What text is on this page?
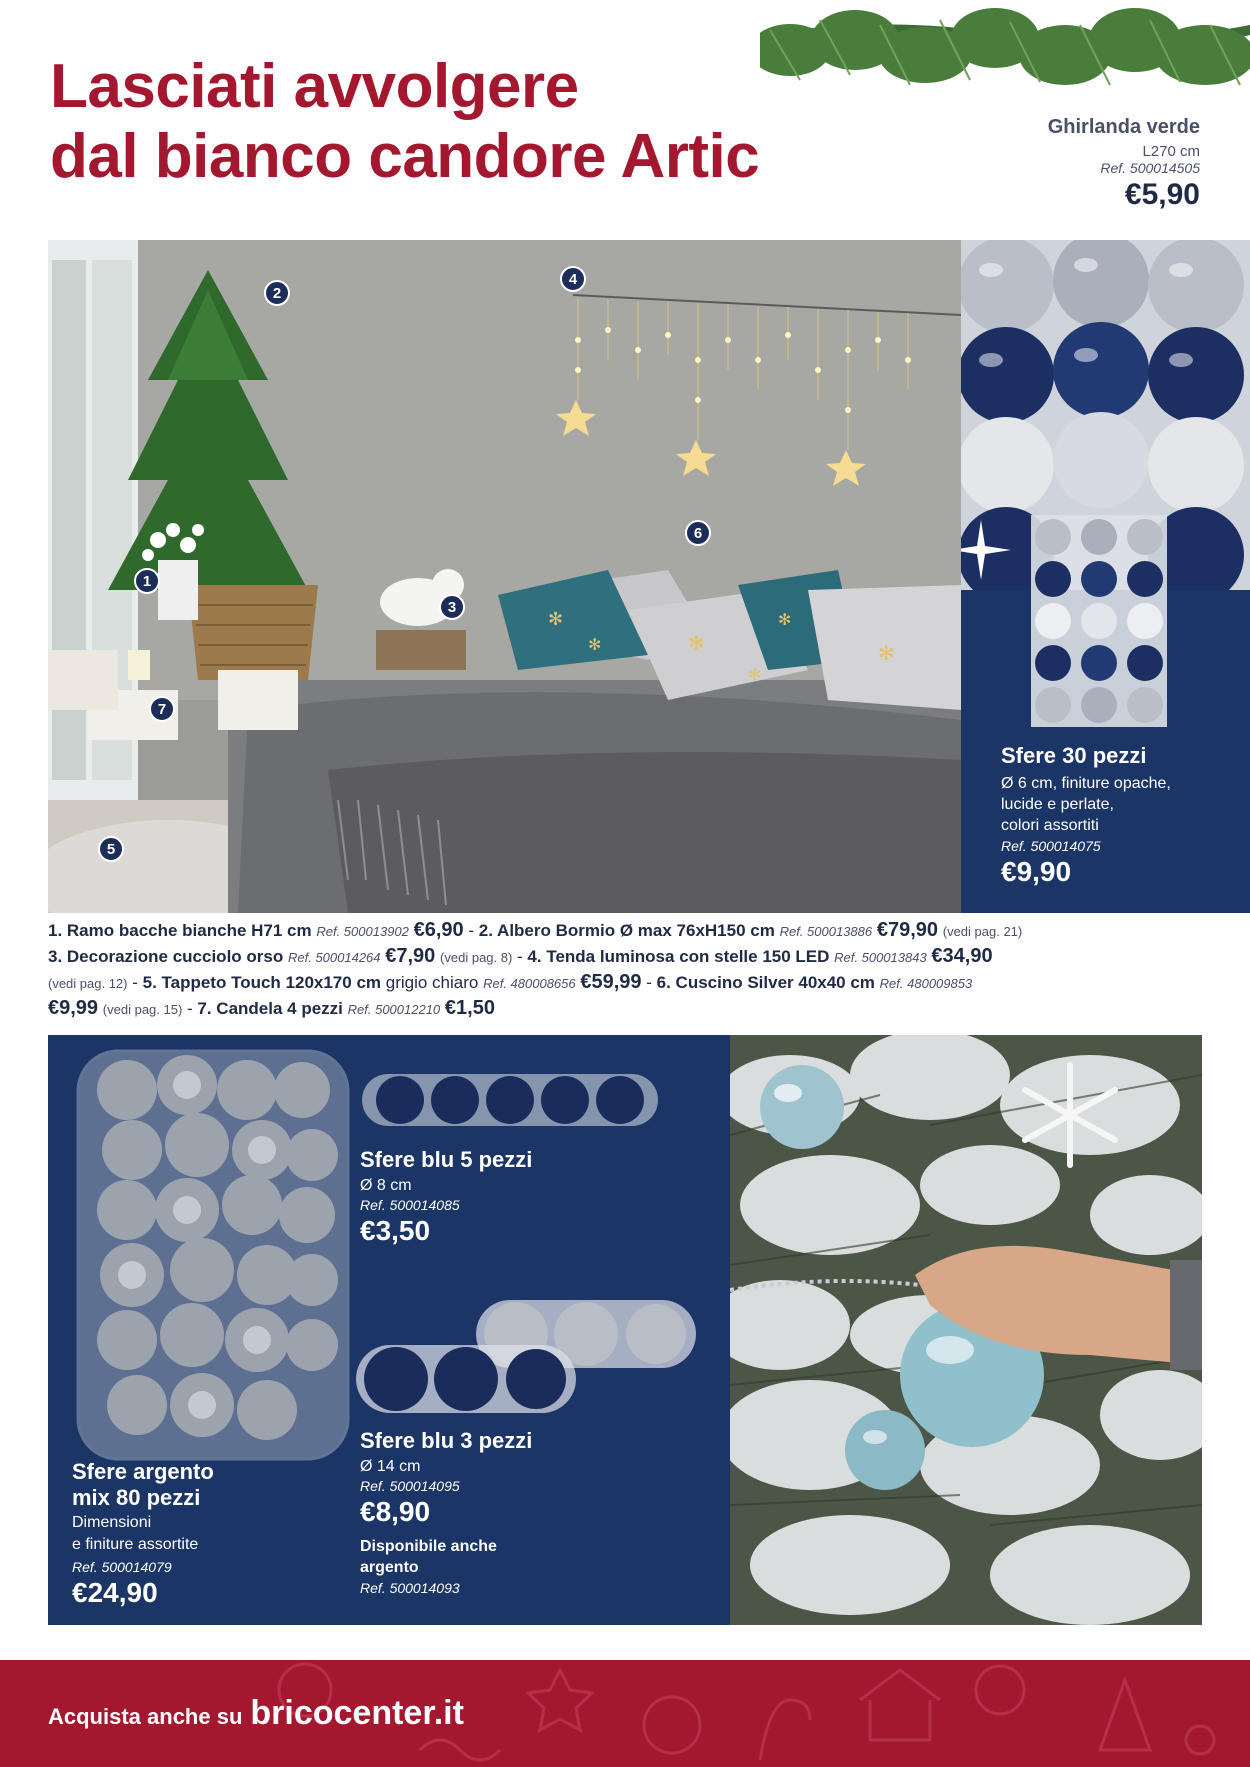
Lasciati avvolgere
dal bianco candore Artic	Ghirlanda verde
L270 cm
Ref. 500014505
€5,90
✻
✻	✻
✻
✻
✻
1
2
3
4
5
6
7
Sfere 30 pezzi
Ø 6 cm, finiture opache,
lucide e perlate,
colori assortiti
Ref. 500014075
€9,90
1. Ramo bacche bianche H71 cm Ref. 500013902 €6,90 - 2. Albero Bormio Ø max 76xH150 cm Ref. 500013886 €79,90 (vedi pag. 21)
3. Decorazione cucciolo orso Ref. 500014264 €7,90 (vedi pag. 8) - 4. Tenda luminosa con stelle 150 LED Ref. 500013843 €34,90
(vedi pag. 12) - 5. Tappeto Touch 120x170 cm grigio chiaro Ref. 480008656 €59,99 - 6. Cuscino Silver 40x40 cm Ref. 480009853
€9,99 (vedi pag. 15) - 7. Candela 4 pezzi Ref. 500012210 €1,50
Sfere argento
mix 80 pezzi
Dimensioni
e finiture assortite
Ref. 500014079
€24,90
Sfere blu 5 pezzi
Ø 8 cm
Ref. 500014085
€3,50
Sfere blu 3 pezzi
Ø 14 cm
Ref. 500014095
€8,90
Disponibile anche
argento
Ref. 500014093
Acquista anche su bricocenter.it
